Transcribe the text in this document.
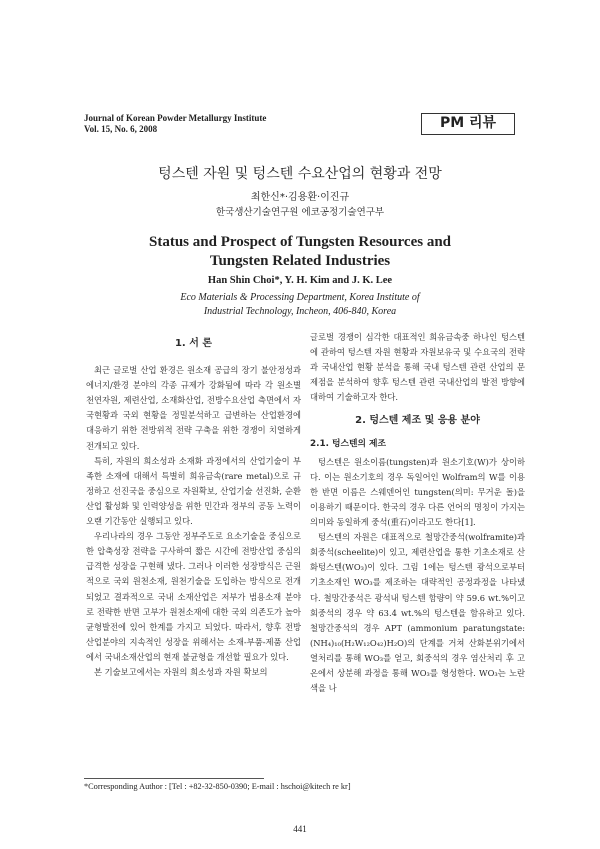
Journal of Korean Powder Metallurgy Institute
Vol. 15, No. 6, 2008	PM 리뷰
텅스텐 자원 및 텅스텐 수요산업의 현황과 전망
최한신*·김용환·이진규
한국생산기술연구원 에코공정기술연구부
Status and Prospect of Tungsten Resources and
Tungsten Related Industries
Han Shin Choi*, Y. H. Kim and J. K. Lee
Eco Materials & Processing Department, Korea Institute of
Industrial Technology, Incheon, 406-840, Korea
1. 서 론

최근 글로벌 산업 환경은 원소재 공급의 장기 불안정성과 에너지/환경 분야의 각종 규제가 강화됨에 따라 각 원소별 천연자원, 제련산업, 소재화산업, 전방수요산업 측면에서 자국현황과 국외 현황을 정밀분석하고 급변하는 산업환경에 대응하기 위한 전방위적 전략 구축을 위한 경쟁이 치열하게 전개되고 있다.

특히, 자원의 희소성과 소재화 과정에서의 산업기술이 부족한 소재에 대해서 특별히 희유금속(rare metal)으로 규정하고 선진국을 중심으로 자원확보, 산업기술 선진화, 순환산업 활성화 및 인력양성을 위한 민간과 정부의 공동 노력이 오랜 기간동안 실행되고 있다.

우리나라의 경우 그동안 정부주도로 요소기술을 중심으로 한 압축성장 전략을 구사하여 짧은 시간에 전방산업 중심의 급격한 성장을 구현해 냈다. 그러나 이러한 성장방식은 근원적으로 국외 원천소재, 원천기술을 도입하는 방식으로 전개되었고 결과적으로 국내 소재산업은 저부가 범용소재 분야로 전략한 반면 고부가 원천소재에 대한 국외 의존도가 높아 균형발전에 있어 한계를 가지고 되었다. 따라서, 향후 전방산업분야의 지속적인 성장을 위해서는 소재-부품-제품 산업에서 국내소재산업의 현재 불균형을 개선할 필요가 있다.

본 기술보고에서는 자원의 희소성과 자원 확보의

글로벌 경쟁이 심각한 대표적인 희유금속중 하나인 텅스텐에 관하여 텅스텐 자원 현황과 자원보유국 및 수요국의 전략과 국내산업 현황 분석을 통해 국내 텅스텐 관련 산업의 문제점을 분석하여 향후 텅스텐 관련 국내산업의 발전 방향에 대하여 기술하고자 한다.

2. 텅스텐 제조 및 응용 분야
2.1. 텅스텐의 제조

텅스텐은 원소이름(tungsten)과 원소기호(W)가 상이하다. 이는 원소기호의 경우 독일어인 Wolfram의 W를 이용한 반면 이름은 스웨덴어인 tungsten(의미: 무거운 돌)을 이용하기 때문이다. 한국의 경우 다른 언어의 명칭이 가지는 의미와 동일하게 중석(重石)이라고도 한다[1].

텅스텐의 자원은 대표적으로 철망간중석(wolframite)과 회중석(scheelite)이 있고, 제련산업을 통한 기초소재로 산화텅스텐(WO₃)이 있다. 그림 1에는 텅스텐 광석으로부터 기초소재인 WO₃를 제조하는 대략적인 공정과정을 나타냈다. 철망간중석은 광석내 텅스텐 함량이 약 59.6 wt.%이고 회중석의 경우 약 63.4 wt.%의 텅스텐을 함유하고 있다. 철망간중석의 경우 APT (ammonium paratungstate: (NH₄)₁₀(H₂W₁₂O₄₂)H₂O)의 단계를 거쳐 산화분위기에서 열처리를 통해 WO₃를 얻고, 회중석의 경우 염산처리 후 고온에서 상분해 과정을 통해 WO₃를 형성한다. WO₃는 노란색을 나

*Corresponding Author : [Tel : +82-32-850-0390; E-mail : hschoi@kitech re kr]
441
